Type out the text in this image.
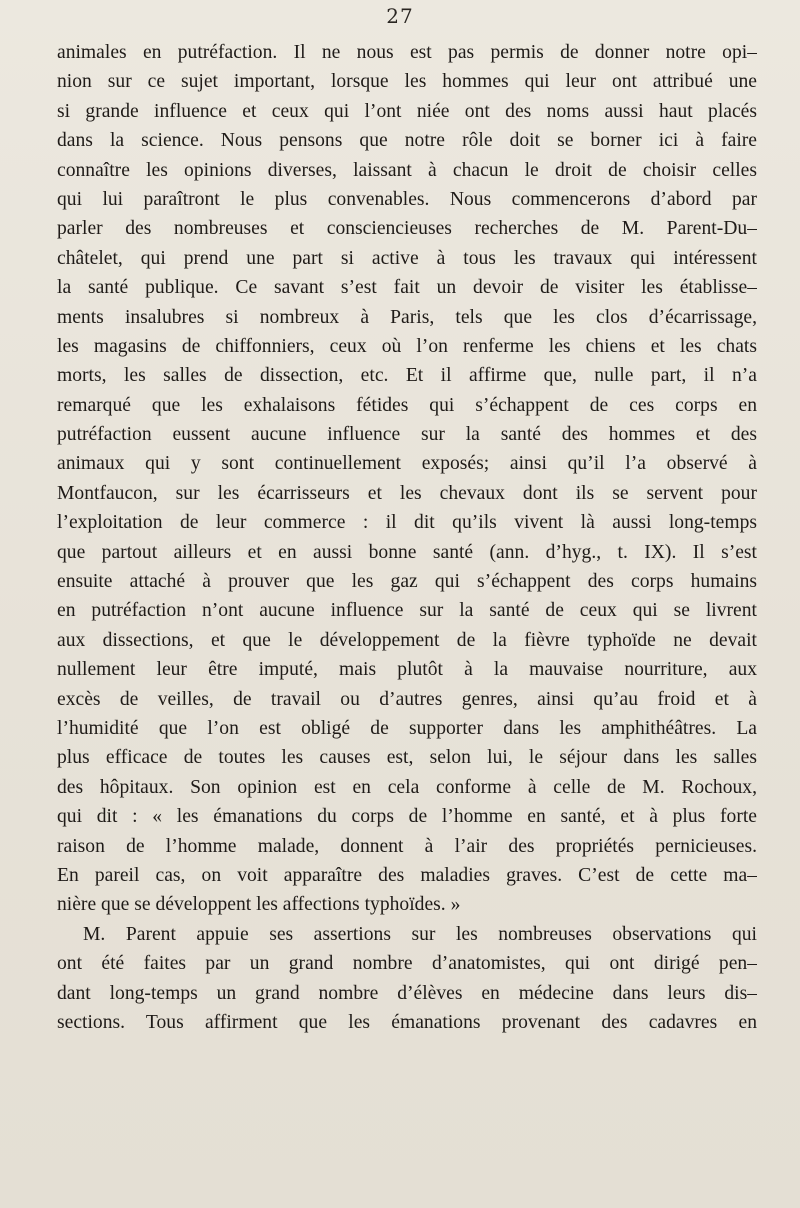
27
animales en putréfaction. Il ne nous est pas permis de donner notre opi–
nion sur ce sujet important, lorsque les hommes qui leur ont attribué une
si grande influence et ceux qui l’ont niée ont des noms aussi haut placés
dans la science. Nous pensons que notre rôle doit se borner ici à faire
connaître les opinions diverses, laissant à chacun le droit de choisir celles
qui lui paraîtront le plus convenables. Nous commencerons d’abord par
parler des nombreuses et consciencieuses recherches de M. Parent-Du–
châtelet, qui prend une part si active à tous les travaux qui intéressent
la santé publique. Ce savant s’est fait un devoir de visiter les établisse–
ments insalubres si nombreux à Paris, tels que les clos d’écarrissage,
les magasins de chiffonniers, ceux où l’on renferme les chiens et les chats
morts, les salles de dissection, etc. Et il affirme que, nulle part, il n’a
remarqué que les exhalaisons fétides qui s’échappent de ces corps en
putréfaction eussent aucune influence sur la santé des hommes et des
animaux qui y sont continuellement exposés; ainsi qu’il l’a observé à
Montfaucon, sur les écarrisseurs et les chevaux dont ils se servent pour
l’exploitation de leur commerce : il dit qu’ils vivent là aussi long-temps
que partout ailleurs et en aussi bonne santé (ann. d’hyg., t. IX). Il s’est
ensuite attaché à prouver que les gaz qui s’échappent des corps humains
en putréfaction n’ont aucune influence sur la santé de ceux qui se livrent
aux dissections, et que le développement de la fièvre typhoïde ne devait
nullement leur être imputé, mais plutôt à la mauvaise nourriture, aux
excès de veilles, de travail ou d’autres genres, ainsi qu’au froid et à
l’humidité que l’on est obligé de supporter dans les amphithéâtres. La
plus efficace de toutes les causes est, selon lui, le séjour dans les salles
des hôpitaux. Son opinion est en cela conforme à celle de M. Rochoux,
qui dit : « les émanations du corps de l’homme en santé, et à plus forte
raison de l’homme malade, donnent à l’air des propriétés pernicieuses.
En pareil cas, on voit apparaître des maladies graves. C’est de cette ma–
nière que se développent les affections typhoïdes. »
M. Parent appuie ses assertions sur les nombreuses observations qui
ont été faites par un grand nombre d’anatomistes, qui ont dirigé pen–
dant long-temps un grand nombre d’élèves en médecine dans leurs dis–
sections. Tous affirment que les émanations provenant des cadavres en
